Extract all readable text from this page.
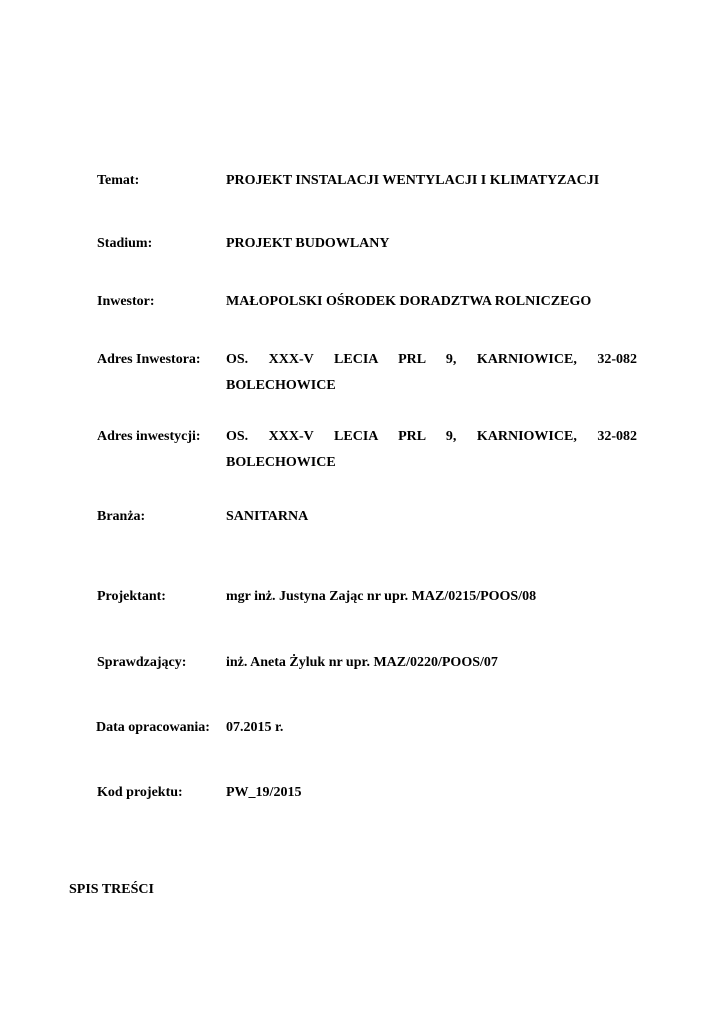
Temat:	PROJEKT INSTALACJI WENTYLACJI I KLIMATYZACJI
Stadium:	PROJEKT BUDOWLANY
Inwestor:	MAŁOPOLSKI OŚRODEK DORADZTWA ROLNICZEGO
Adres Inwestora: OS. XXX-V LECIA PRL 9, KARNIOWICE, 32-082
BOLECHOWICE
Adres inwestycji: OS. XXX-V LECIA PRL 9, KARNIOWICE, 32-082
BOLECHOWICE
Branża:	SANITARNA
Projektant:	mgr inż. Justyna Zając nr upr. MAZ/0215/POOS/08
Sprawdzający:	inż. Aneta Żyluk nr upr. MAZ/0220/POOS/07
Data opracowania: 07.2015 r.
Kod projektu:	PW_19/2015
SPIS TREŚCI
